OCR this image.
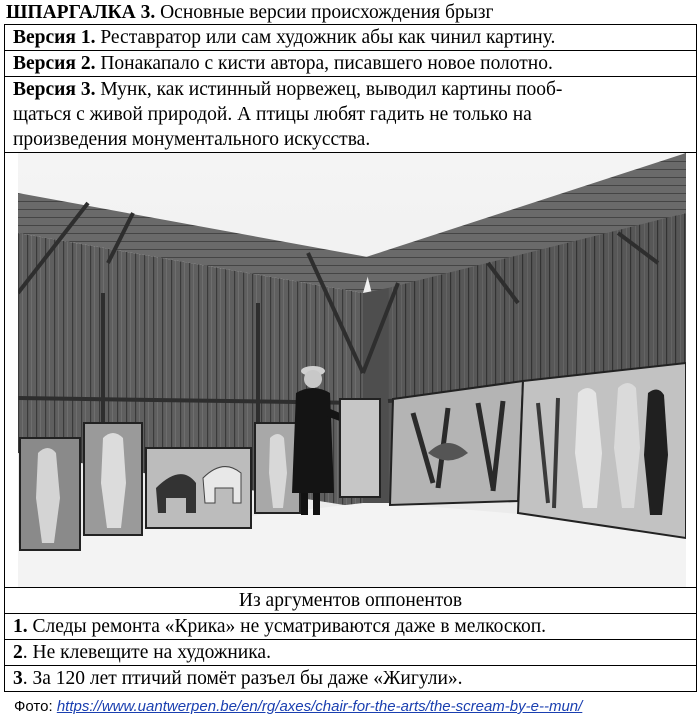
ШПАРГАЛКА 3. Основные версии происхождения брызг
Версия 1. Реставратор или сам художник абы как чинил картину.
Версия 2. Понакапало с кисти автора, писавшего новое полотно.
Версия 3. Мунк, как истинный норвежец, выводил картины пооб-
щаться с живой природой. А птицы любят гадить не только на
произведения монументального искусства.

Из аргументов оппонентов
1. Следы ремонта «Крика» не усматриваются даже в мелкоскоп.
2. Не клевещите на художника.
3. За 120 лет птичий помёт разъел бы даже «Жигули».
Фото: https://www.uantwerpen.be/en/rg/axes/chair-for-the-arts/the-scream-by-e--mun/
